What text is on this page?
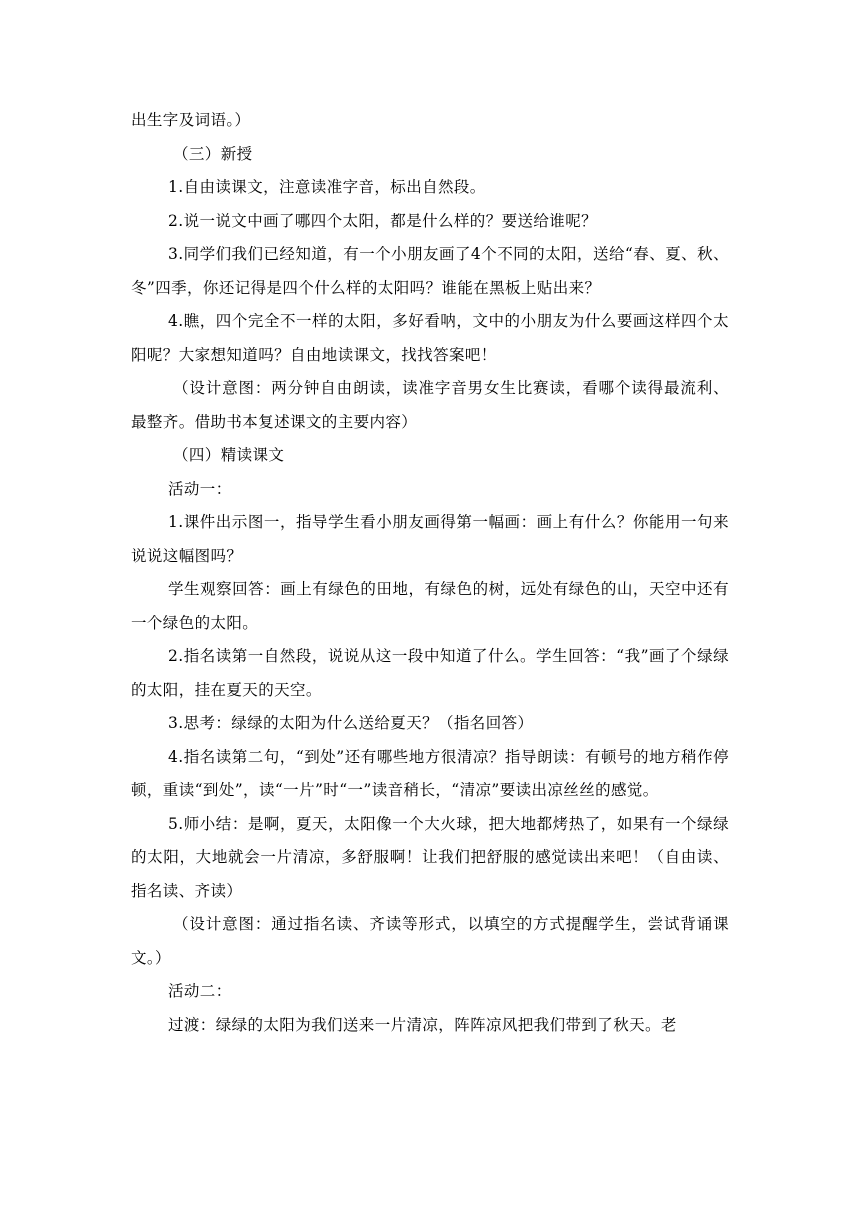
出生字及词语。）

（三）新授

1.自由读课文，注意读准字音，标出自然段。

2.说一说文中画了哪四个太阳，都是什么样的？要送给谁呢？

3.同学们我们已经知道，有一个小朋友画了4个不同的太阳，送给“春、夏、秋、冬”四季，你还记得是四个什么样的太阳吗？谁能在黑板上贴出来？

4.瞧，四个完全不一样的太阳，多好看呐，文中的小朋友为什么要画这样四个太阳呢？大家想知道吗？自由地读课文，找找答案吧！

（设计意图：两分钟自由朗读，读准字音男女生比赛读，看哪个读得最流利、最整齐。借助书本复述课文的主要内容）

（四）精读课文

活动一：

1.课件出示图一，指导学生看小朋友画得第一幅画：画上有什么？你能用一句来说说这幅图吗？

学生观察回答：画上有绿色的田地，有绿色的树，远处有绿色的山，天空中还有一个绿色的太阳。

2.指名读第一自然段，说说从这一段中知道了什么。学生回答：“我”画了个绿绿的太阳，挂在夏天的天空。

3.思考：绿绿的太阳为什么送给夏天？（指名回答）

4.指名读第二句，“到处”还有哪些地方很清凉？指导朗读：有顿号的地方稍作停顿，重读“到处”，读“一片”时“一”读音稍长，“清凉”要读出凉丝丝的感觉。

5.师小结：是啊，夏天，太阳像一个大火球，把大地都烤热了，如果有一个绿绿的太阳，大地就会一片清凉，多舒服啊！让我们把舒服的感觉读出来吧！（自由读、指名读、齐读）

（设计意图：通过指名读、齐读等形式，以填空的方式提醒学生，尝试背诵课文。）

活动二：

过渡：绿绿的太阳为我们送来一片清凉，阵阵凉风把我们带到了秋天。老
